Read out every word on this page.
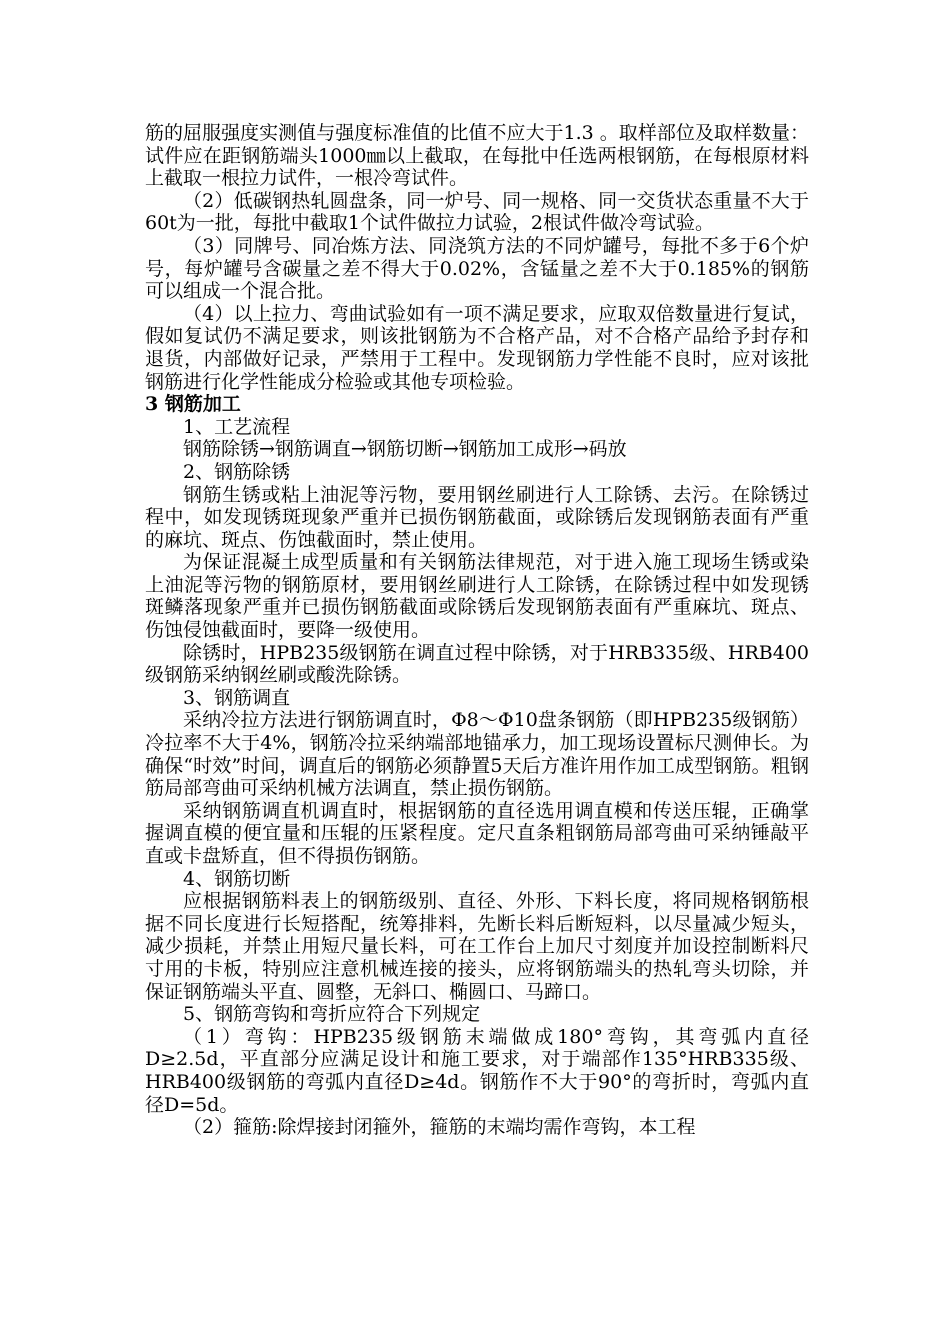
筋的屈服强度实测值与强度标准值的比值不应大于1.3 。取样部位及取样数量：试件应在距钢筋端头1000㎜以上截取，在每批中任选两根钢筋，在每根原材料上截取一根拉力试件，一根冷弯试件。

（2）低碳钢热轧圆盘条，同一炉号、同一规格、同一交货状态重量不大于60t为一批，每批中截取1个试件做拉力试验，2根试件做冷弯试验。

（3）同牌号、同冶炼方法、同浇筑方法的不同炉罐号，每批不多于6个炉号，每炉罐号含碳量之差不得大于0.02%，含锰量之差不大于0.185%的钢筋可以组成一个混合批。

（4）以上拉力、弯曲试验如有一项不满足要求，应取双倍数量进行复试，假如复试仍不满足要求，则该批钢筋为不合格产品，对不合格产品给予封存和退货，内部做好记录，严禁用于工程中。发现钢筋力学性能不良时，应对该批钢筋进行化学性能成分检验或其他专项检验。

3 钢筋加工

1、工艺流程

钢筋除锈→钢筋调直→钢筋切断→钢筋加工成形→码放

2、钢筋除锈

钢筋生锈或粘上油泥等污物，要用钢丝刷进行人工除锈、去污。在除锈过程中，如发现锈斑现象严重并已损伤钢筋截面，或除锈后发现钢筋表面有严重的麻坑、斑点、伤蚀截面时，禁止使用。

为保证混凝土成型质量和有关钢筋法律规范，对于进入施工现场生锈或染上油泥等污物的钢筋原材，要用钢丝刷进行人工除锈，在除锈过程中如发现锈斑鳞落现象严重并已损伤钢筋截面或除锈后发现钢筋表面有严重麻坑、斑点、伤蚀侵蚀截面时，要降一级使用。

除锈时，HPB235级钢筋在调直过程中除锈，对于HRB335级、HRB400级钢筋采纳钢丝刷或酸洗除锈。

3、钢筋调直

采纳冷拉方法进行钢筋调直时，Φ8～Φ10盘条钢筋（即HPB235级钢筋）冷拉率不大于4%，钢筋冷拉采纳端部地锚承力，加工现场设置标尺测伸长。为确保“时效”时间，调直后的钢筋必须静置5天后方准许用作加工成型钢筋。粗钢筋局部弯曲可采纳机械方法调直，禁止损伤钢筋。

采纳钢筋调直机调直时，根据钢筋的直径选用调直模和传送压辊，正确掌握调直模的便宜量和压辊的压紧程度。定尺直条粗钢筋局部弯曲可采纳锤敲平直或卡盘矫直，但不得损伤钢筋。

4、钢筋切断

应根据钢筋料表上的钢筋级别、直径、外形、下料长度，将同规格钢筋根据不同长度进行长短搭配，统筹排料，先断长料后断短料，以尽量减少短头，减少损耗，并禁止用短尺量长料，可在工作台上加尺寸刻度并加设控制断料尺寸用的卡板，特别应注意机械连接的接头，应将钢筋端头的热轧弯头切除，并保证钢筋端头平直、圆整，无斜口、椭圆口、马蹄口。

5、钢筋弯钩和弯折应符合下列规定

（1）弯钩：HPB235级钢筋末端做成180°弯钩，其弯弧内直径D≥2.5d，平直部分应满足设计和施工要求，对于端部作135°HRB335级、HRB400级钢筋的弯弧内直径D≥4d。钢筋作不大于90°的弯折时，弯弧内直径D=5d。

（2）箍筋:除焊接封闭箍外，箍筋的末端均需作弯钩，本工程
